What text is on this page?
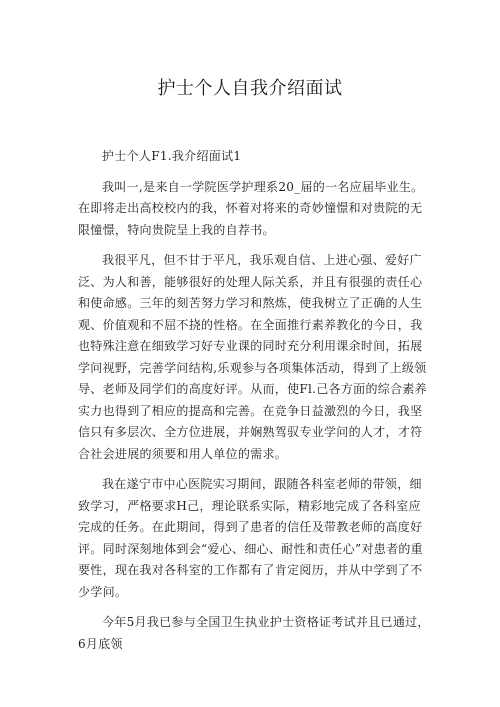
护士个人自我介绍面试

护士个人F1.我介绍面试1

我叫一,是来自一学院医学护理系20_届的一名应届毕业生。在即将走出高校校内的我，怀着对将来的奇妙憧憬和对贵院的无限憧憬，特向贵院呈上我的自荐书。

我很平凡，但不甘于平凡，我乐观自信、上进心强、爱好广泛、为人和善，能够很好的处理人际关系，并且有很强的责任心和使命感。三年的刻苦努力学习和熬炼，使我树立了正确的人生观、价值观和不屈不挠的性格。在全面推行素养教化的今日，我也特殊注意在细致学习好专业课的同时充分利用课余时间，拓展学问视野，完善学问结构,乐观参与各项集体活动，得到了上级领导、老师及同学们的高度好评。从而，使Fl.己各方面的综合素养实力也得到了相应的提高和完善。在竞争日益激烈的今日，我坚信只有多层次、全方位进展，并娴熟驾驭专业学问的人才，才符合社会进展的须要和用人单位的需求。

我在遂宁市中心医院实习期间，跟随各科室老师的带领，细致学习，严格要求H己，理论联系实际，精彩地完成了各科室应完成的任务。在此期间，得到了患者的信任及带教老师的高度好评。同时深刻地体到会“爱心、细心、耐性和责任心”对患者的重要性，现在我对各科室的工作都有了肯定阅历，并从中学到了不少学问。

今年5月我已参与全国卫生执业护士资格证考试并且已通过，6月底领
